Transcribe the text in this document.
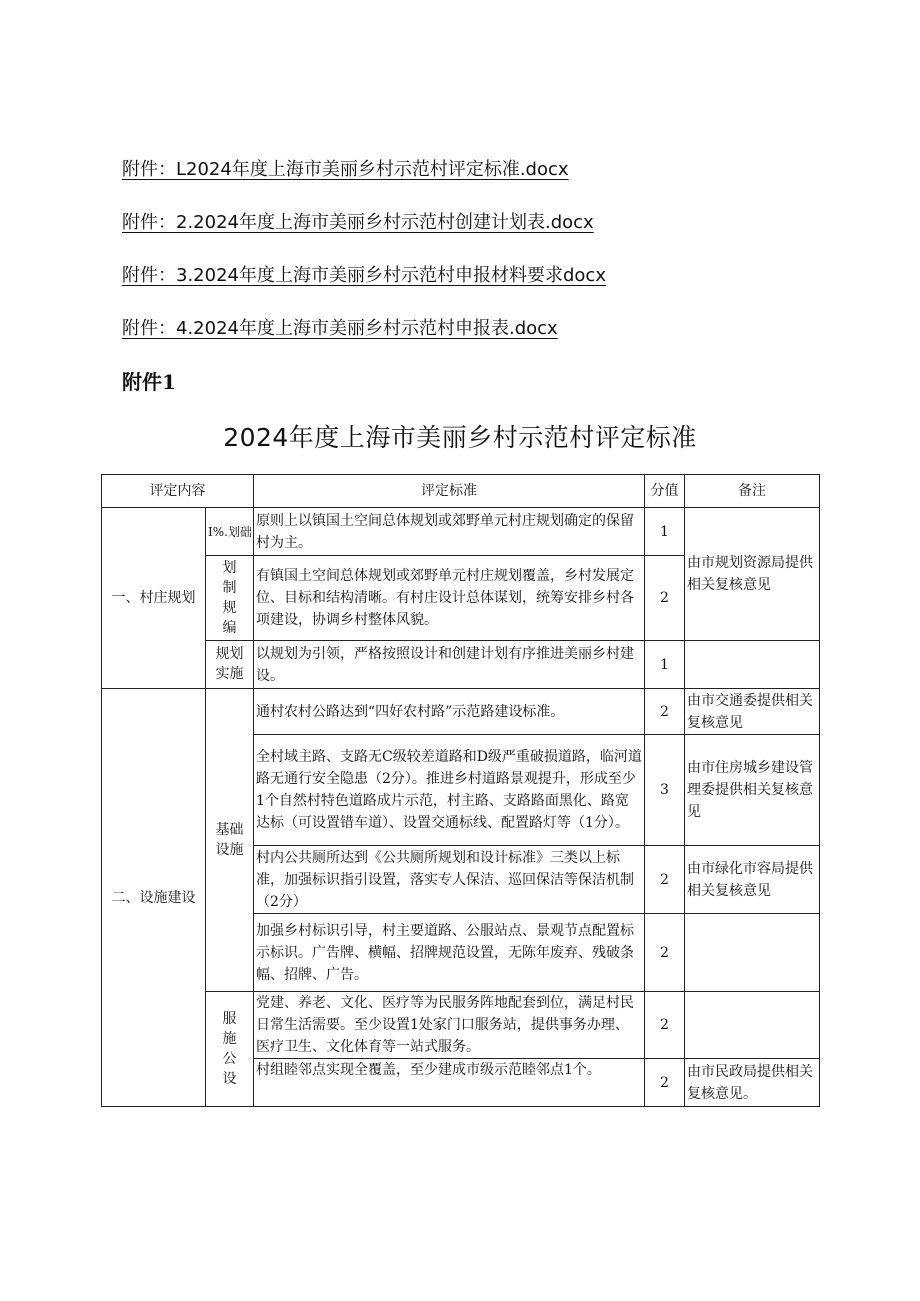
附件：L2024年度上海市美丽乡村示范村评定标准.docx
附件：2.2024年度上海市美丽乡村示范村创建计划表.docx
附件：3.2024年度上海市美丽乡村示范村申报材料要求docx
附件：4.2024年度上海市美丽乡村示范村申报表.docx
附件1
2024年度上海市美丽乡村示范村评定标准
评定内容		评定标准	分值	备注
一、村庄规划	I%.划础	原则上以镇国土空间总体规划或郊野单元村庄规划确定的保留村为主。	1	由市规划资源局提供相关复核意见
	划制规编	有镇国土空间总体规划或郊野单元村庄规划覆盖，乡村发展定位、目标和结构清晰。有村庄设计总体谋划，统筹安排乡村各项建设，协调乡村整体风貌。	2	
	规划实施	以规划为引领，严格按照设计和创建计划有序推进美丽乡村建设。	1	
二、设施建设	基础设施	通村农村公路达到“四好农村路”示范路建设标准。	2	由市交通委提供相关复核意见
		全村域主路、支路无C级较差道路和D级严重破损道路，临河道路无通行安全隐患（2分）。推进乡村道路景观提升，形成至少1个自然村特色道路成片示范，村主路、支路路面黑化、路宽达标（可设置错车道）、设置交通标线、配置路灯等（1分）。	3	由市住房城乡建设管理委提供相关复核意见
		村内公共厕所达到《公共厕所规划和设计标准》三类以上标准，加强标识指引设置，落实专人保洁、巡回保洁等保洁机制（2分）	2	由市绿化市容局提供相关复核意见
		加强乡村标识引导，村主要道路、公服站点、景观节点配置标示标识。广告牌、横幅、招牌规范设置，无陈年废弃、残破条幅、招牌、广告。	2	
	服施公设	党建、养老、文化、医疗等为民服务阵地配套到位，满足村民日常生活需要。至少设置1处家门口服务站，提供事务办理、医疗卫生、文化体育等一站式服务。	2	
		村组睦邻点实现全覆盖，至少建成市级示范睦邻点1个。	2	由市民政局提供相关复核意见。
